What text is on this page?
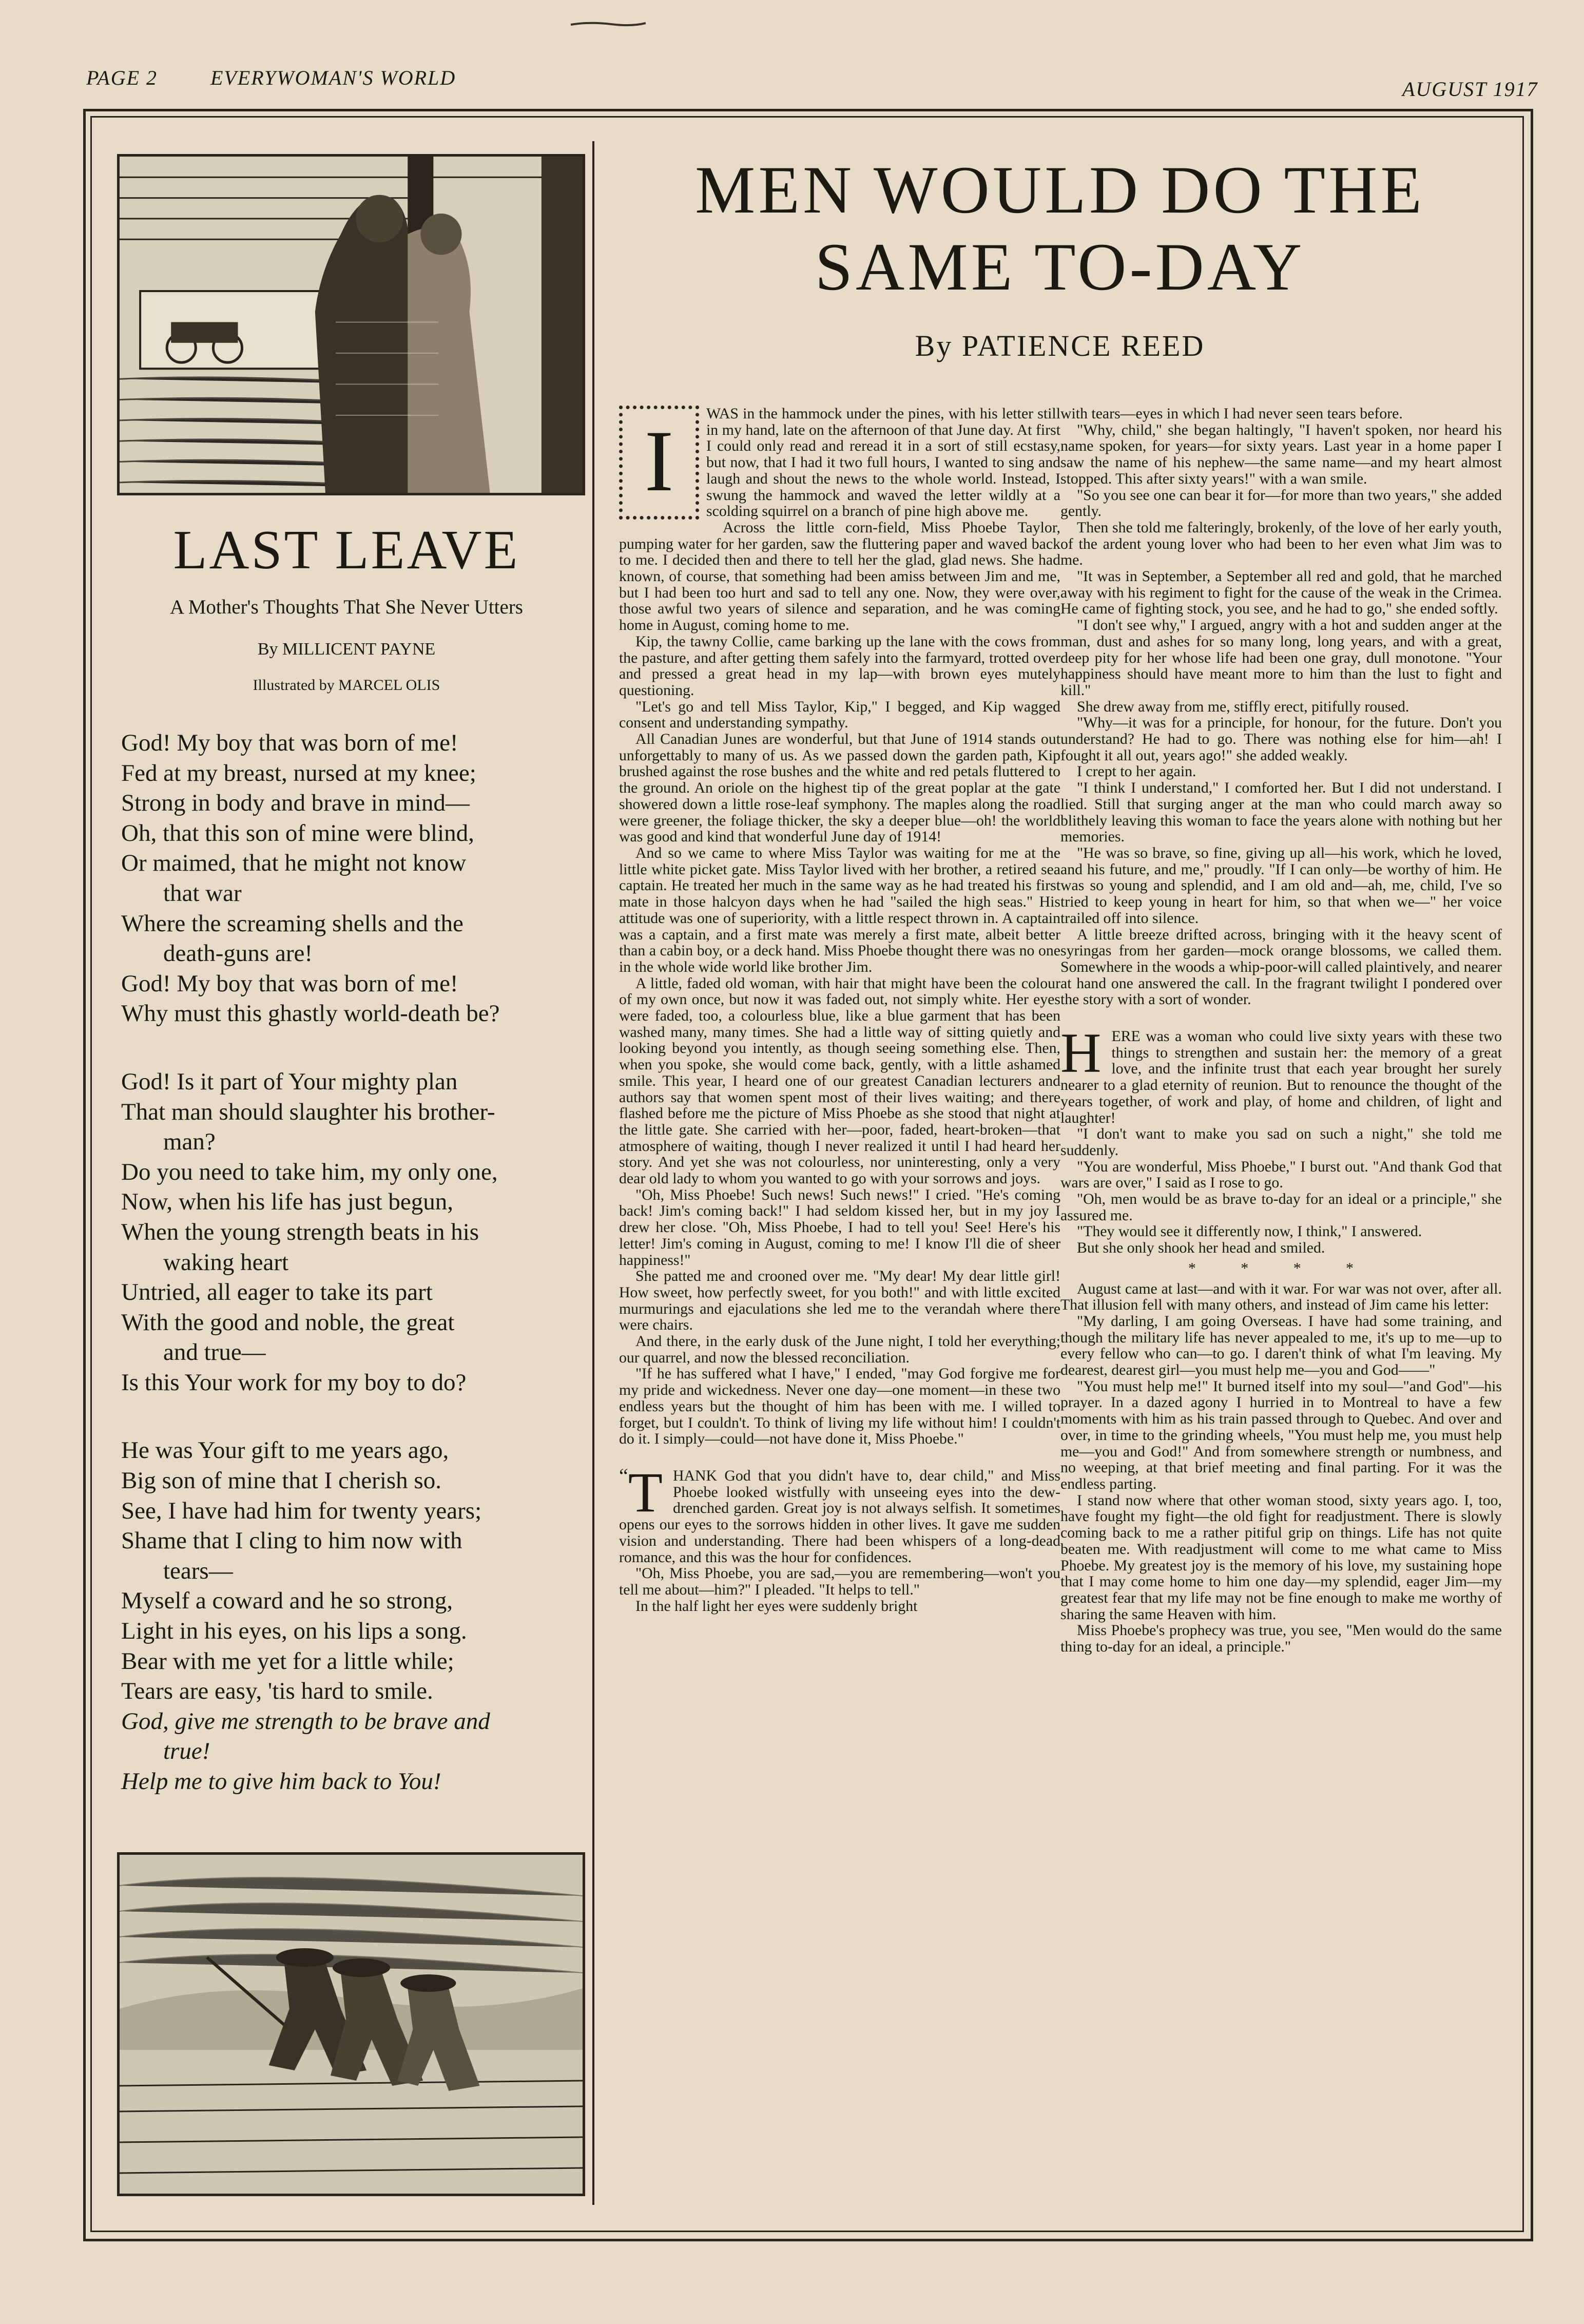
PAGE 2	EVERYWOMAN'S WORLD	AUGUST 1917
LAST LEAVE
A Mother's Thoughts That She Never Utters
By MILLICENT PAYNE
Illustrated by MARCEL OLIS

God! My boy that was born of me!

Fed at my breast, nursed at my knee;

Strong in body and brave in mind—

Oh, that this son of mine were blind,

Or maimed, that he might not know

that war

Where the screaming shells and the

death-guns are!

God! My boy that was born of me!

Why must this ghastly world-death be?

God! Is it part of Your mighty plan

That man should slaughter his brother-

man?

Do you need to take him, my only one,

Now, when his life has just begun,

When the young strength beats in his

waking heart

Untried, all eager to take its part

With the good and noble, the great

and true—

Is this Your work for my boy to do?

He was Your gift to me years ago,

Big son of mine that I cherish so.

See, I have had him for twenty years;

Shame that I cling to him now with

tears—

Myself a coward and he so strong,

Light in his eyes, on his lips a song.

Bear with me yet for a little while;

Tears are easy, 'tis hard to smile.

God, give me strength to be brave and

true!

Help me to give him back to You!

MEN WOULD DO THE
SAME TO-DAY
By PATIENCE REED

I	WAS in the hammock under the pines, with his letter still in my hand, late on the afternoon of that June day. At first I could only read and reread it in a sort of still ecstasy, but now, that I had it two full hours, I wanted to sing and laugh and shout the news to the whole world. Instead, I swung the hammock and waved the letter wildly at a scolding squirrel on a branch of pine high above me.

Across the little corn-field, Miss Phoebe Taylor, pumping water for her garden, saw the fluttering paper and waved back to me. I decided then and there to tell her the glad, glad news. She had known, of course, that something had been amiss between Jim and me, but I had been too hurt and sad to tell any one. Now, they were over, those awful two years of silence and separation, and he was coming home in August, coming home to me.

Kip, the tawny Collie, came barking up the lane with the cows from the pasture, and after getting them safely into the farmyard, trotted over and pressed a great head in my lap—with brown eyes mutely questioning.

"Let's go and tell Miss Taylor, Kip," I begged, and Kip wagged consent and understanding sympathy.

All Canadian Junes are wonderful, but that June of 1914 stands out unforgettably to many of us. As we passed down the garden path, Kip brushed against the rose bushes and the white and red petals fluttered to the ground. An oriole on the highest tip of the great poplar at the gate showered down a little rose-leaf symphony. The maples along the road were greener, the foliage thicker, the sky a deeper blue—oh! the world was good and kind that wonderful June day of 1914!

And so we came to where Miss Taylor was waiting for me at the little white picket gate. Miss Taylor lived with her brother, a retired sea captain. He treated her much in the same way as he had treated his first mate in those halcyon days when he had "sailed the high seas." His attitude was one of superiority, with a little respect thrown in. A captain was a captain, and a first mate was merely a first mate, albeit better than a cabin boy, or a deck hand. Miss Phoebe thought there was no one in the whole wide world like brother Jim.

A little, faded old woman, with hair that might have been the colour of my own once, but now it was faded out, not simply white. Her eyes were faded, too, a colourless blue, like a blue garment that has been washed many, many times. She had a little way of sitting quietly and looking beyond you intently, as though seeing something else. Then, when you spoke, she would come back, gently, with a little ashamed smile. This year, I heard one of our greatest Canadian lecturers and authors say that women spent most of their lives waiting; and there flashed before me the picture of Miss Phoebe as she stood that night at the little gate. She carried with her—poor, faded, heart-broken—that atmosphere of waiting, though I never realized it until I had heard her story. And yet she was not colourless, nor uninteresting, only a very dear old lady to whom you wanted to go with your sorrows and joys.

"Oh, Miss Phoebe! Such news! Such news!" I cried. "He's coming back! Jim's coming back!" I had seldom kissed her, but in my joy I drew her close. "Oh, Miss Phoebe, I had to tell you! See! Here's his letter! Jim's coming in August, coming to me! I know I'll die of sheer happiness!"

She patted me and crooned over me. "My dear! My dear little girl! How sweet, how perfectly sweet, for you both!" and with little excited murmurings and ejaculations she led me to the verandah where there were chairs.

And there, in the early dusk of the June night, I told her everything; our quarrel, and now the blessed reconciliation.

"If he has suffered what I have," I ended, "may God forgive me for my pride and wickedness. Never one day—one moment—in these two endless years but the thought of him has been with me. I willed to forget, but I couldn't. To think of living my life without him! I couldn't do it. I simply—could—not have done it, Miss Phoebe."

“ T HANK God that you didn't have to, dear child," and Miss Phoebe looked wistfully with unseeing eyes into the dew-drenched garden. Great joy is not always selfish. It sometimes opens our eyes to the sorrows hidden in other lives. It gave me sudden vision and understanding. There had been whispers of a long-dead romance, and this was the hour for confidences.

"Oh, Miss Phoebe, you are sad,—you are remembering—won't you tell me about—him?" I pleaded. "It helps to tell."

In the half light her eyes were suddenly bright

with tears—eyes in which I had never seen tears before.

"Why, child," she began haltingly, "I haven't spoken, nor heard his name spoken, for years—for sixty years. Last year in a home paper I saw the name of his nephew—the same name—and my heart almost stopped. This after sixty years!" with a wan smile.

"So you see one can bear it for—for more than two years," she added gently.

Then she told me falteringly, brokenly, of the love of her early youth, of the ardent young lover who had been to her even what Jim was to me.

"It was in September, a September all red and gold, that he marched away with his regiment to fight for the cause of the weak in the Crimea. He came of fighting stock, you see, and he had to go," she ended softly.

"I don't see why," I argued, angry with a hot and sudden anger at the man, dust and ashes for so many long, long years, and with a great, deep pity for her whose life had been one gray, dull monotone. "Your happiness should have meant more to him than the lust to fight and kill."

She drew away from me, stiffly erect, pitifully roused.

"Why—it was for a principle, for honour, for the future. Don't you understand? He had to go. There was nothing else for him—ah! I fought it all out, years ago!" she added weakly.

I crept to her again.

"I think I understand," I comforted her. But I did not understand. I lied. Still that surging anger at the man who could march away so blithely leaving this woman to face the years alone with nothing but her memories.

"He was so brave, so fine, giving up all—his work, which he loved, and his future, and me," proudly. "If I can only—be worthy of him. He was so young and splendid, and I am old and—ah, me, child, I've so tried to keep young in heart for him, so that when we—" her voice trailed off into silence.

A little breeze drifted across, bringing with it the heavy scent of syringas from her garden—mock orange blossoms, we called them. Somewhere in the woods a whip-poor-will called plaintively, and nearer at hand one answered the call. In the fragrant twilight I pondered over the story with a sort of wonder.

HERE was a woman who could live sixty years with these two things to strengthen and sustain her: the memory of a great love, and the infinite trust that each year brought her surely nearer to a glad eternity of reunion. But to renounce the thought of the years together, of work and play, of home and children, of light and laughter!

"I don't want to make you sad on such a night," she told me suddenly.

"You are wonderful, Miss Phoebe," I burst out. "And thank God that wars are over," I said as I rose to go.

"Oh, men would be as brave to-day for an ideal or a principle," she assured me.

"They would see it differently now, I think," I answered.

But she only shook her head and smiled.

* * * *

August came at last—and with it war. For war was not over, after all. That illusion fell with many others, and instead of Jim came his letter:

"My darling, I am going Overseas. I have had some training, and though the military life has never appealed to me, it's up to me—up to every fellow who can—to go. I daren't think of what I'm leaving. My dearest, dearest girl—you must help me—you and God——"

"You must help me!" It burned itself into my soul—"and God"—his prayer. In a dazed agony I hurried in to Montreal to have a few moments with him as his train passed through to Quebec. And over and over, in time to the grinding wheels, "You must help me, you must help me—you and God!" And from somewhere strength or numbness, and no weeping, at that brief meeting and final parting. For it was the endless parting.

I stand now where that other woman stood, sixty years ago. I, too, have fought my fight—the old fight for readjustment. There is slowly coming back to me a rather pitiful grip on things. Life has not quite beaten me. With readjustment will come to me what came to Miss Phoebe. My greatest joy is the memory of his love, my sustaining hope that I may come home to him one day—my splendid, eager Jim—my greatest fear that my life may not be fine enough to make me worthy of sharing the same Heaven with him.

Miss Phoebe's prophecy was true, you see, "Men would do the same thing to-day for an ideal, a principle."
